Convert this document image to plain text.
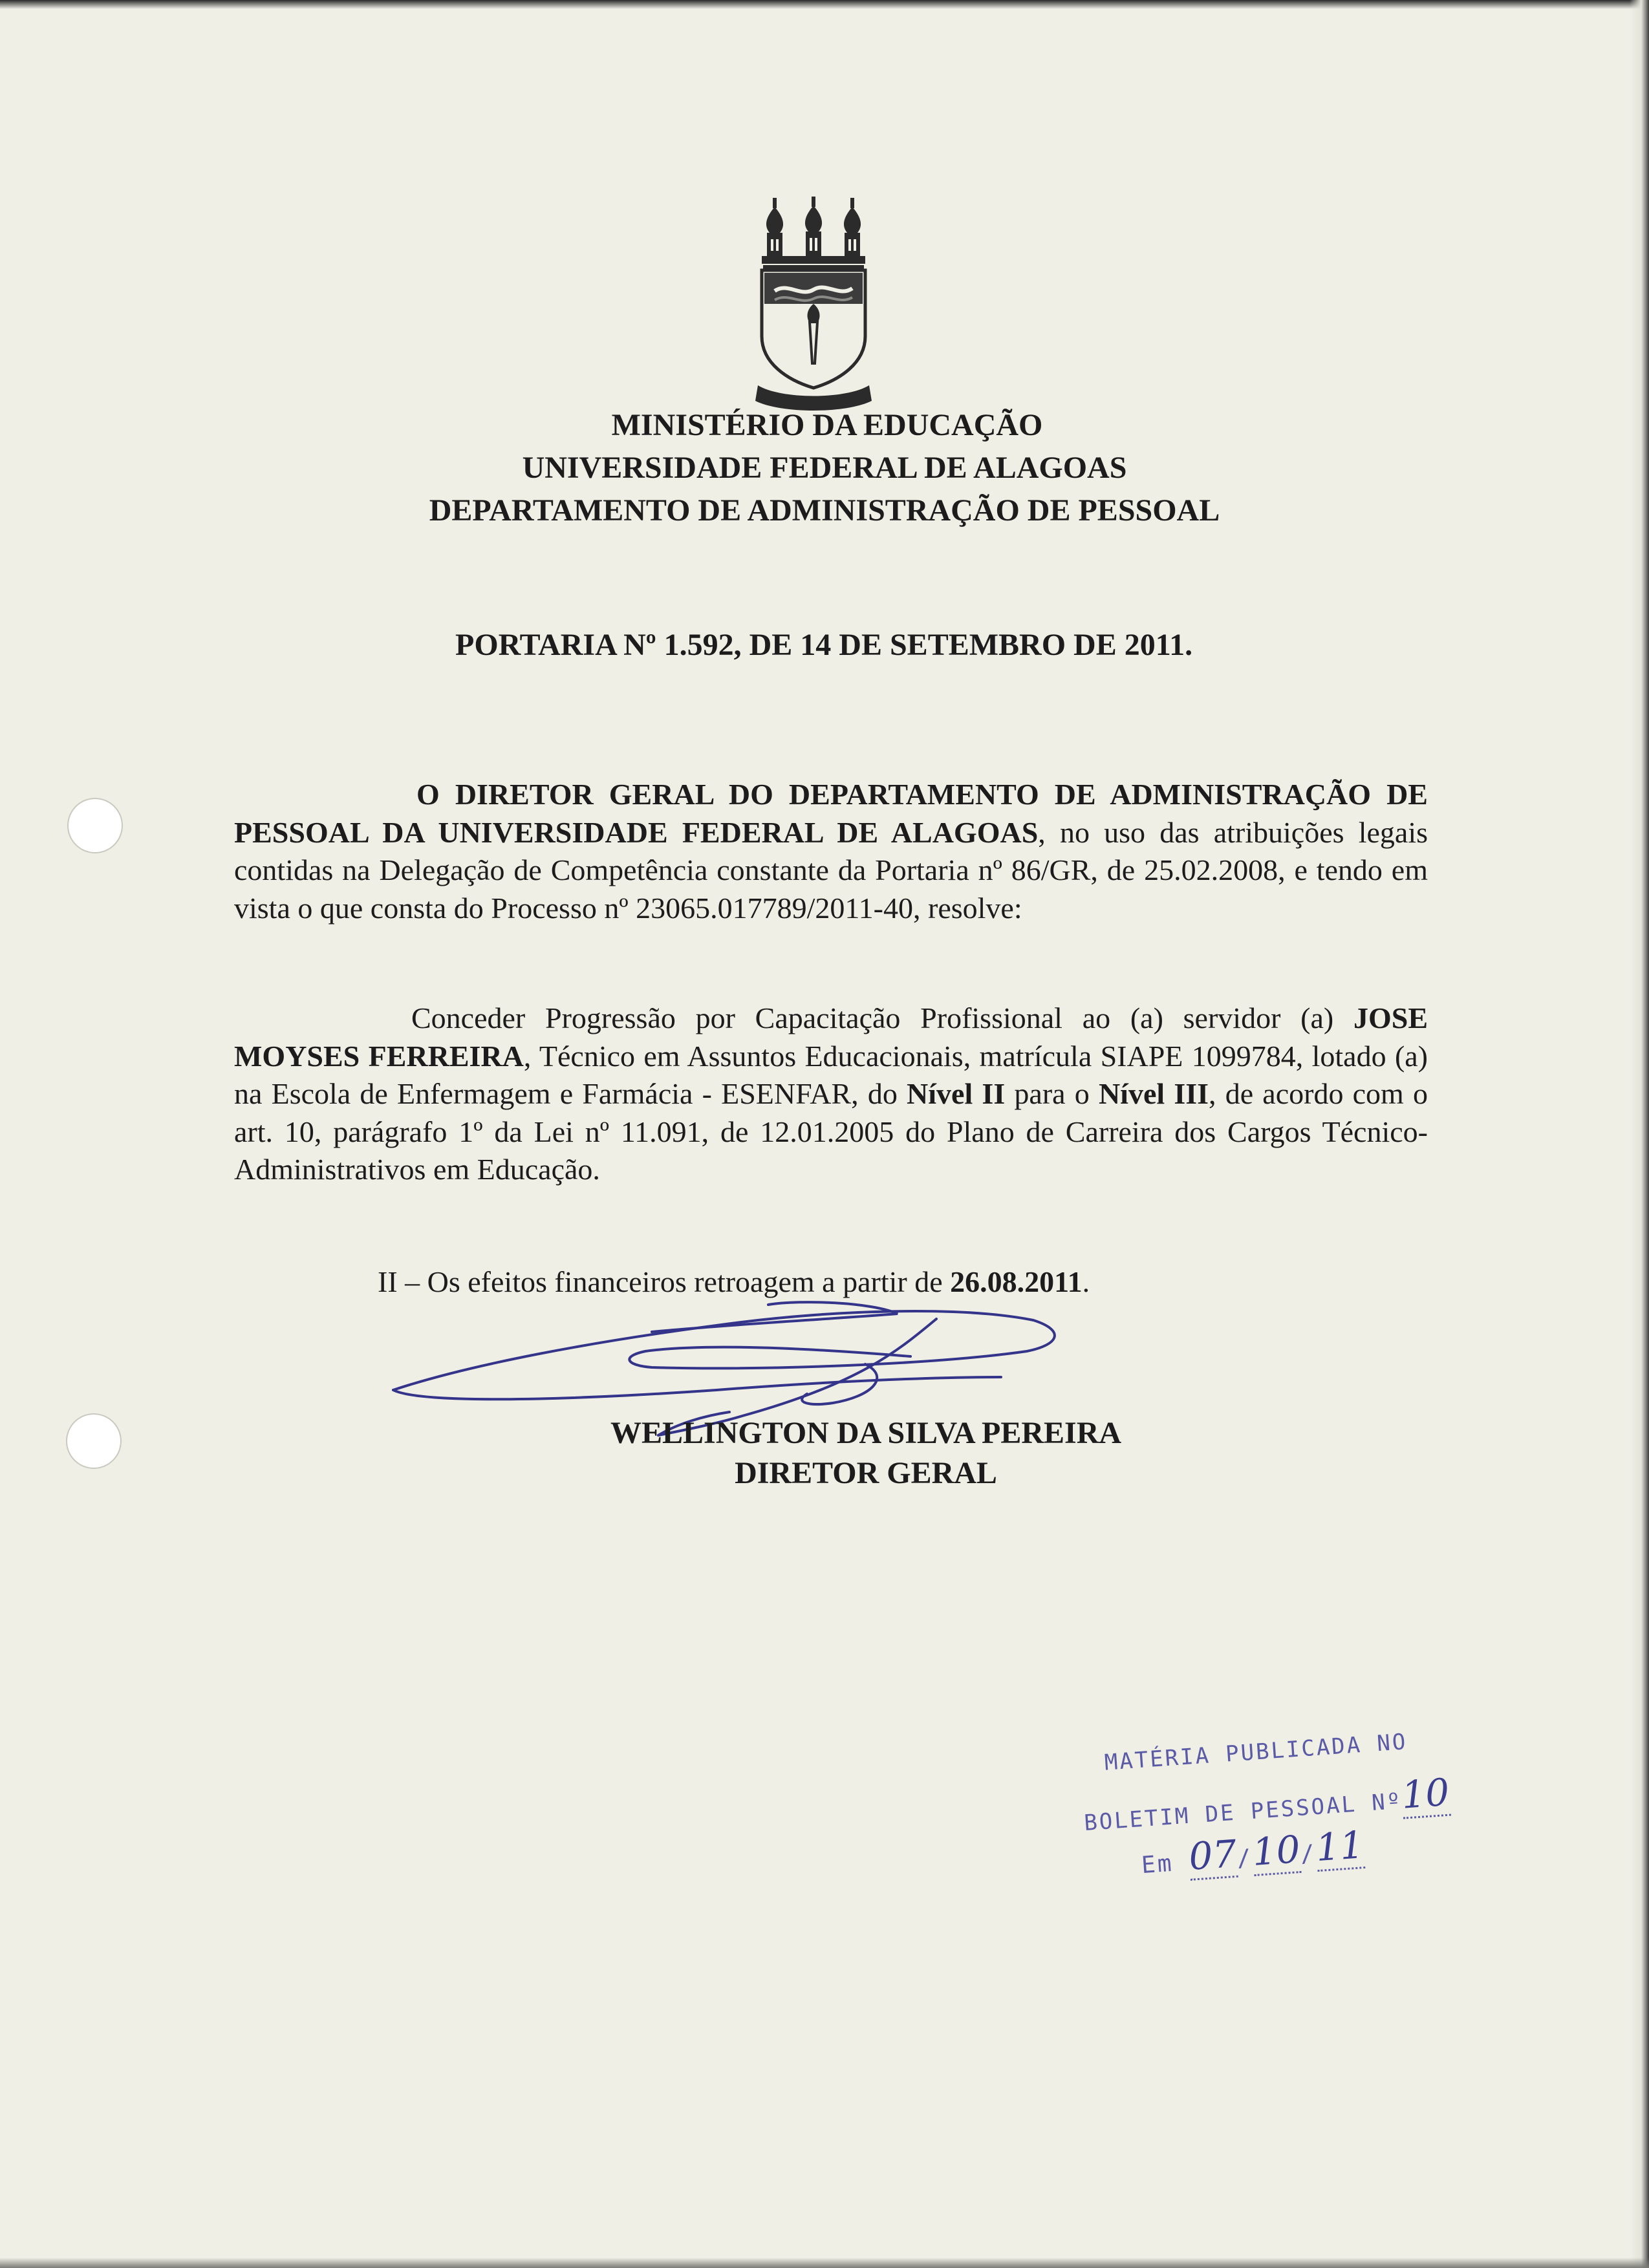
MINISTÉRIO DA EDUCAÇÃO
UNIVERSIDADE FEDERAL DE ALAGOAS
DEPARTAMENTO DE ADMINISTRAÇÃO DE PESSOAL
PORTARIA Nº 1.592, DE 14 DE SETEMBRO DE 2011.
O DIRETOR GERAL DO DEPARTAMENTO DE ADMINISTRAÇÃO DE PESSOAL DA UNIVERSIDADE FEDERAL DE ALAGOAS, no uso das atribuições legais contidas na Delegação de Competência constante da Portaria nº 86/GR, de 25.02.2008, e tendo em vista o que consta do Processo nº 23065.017789/2011-40, resolve:
Conceder Progressão por Capacitação Profissional ao (a) servidor (a) JOSE MOYSES FERREIRA, Técnico em Assuntos Educacionais, matrícula SIAPE 1099784, lotado (a) na Escola de Enfermagem e Farmácia - ESENFAR, do Nível II para o Nível III, de acordo com o art. 10, parágrafo 1º da Lei nº 11.091, de 12.01.2005 do Plano de Carreira dos Cargos Técnico-Administrativos em Educação.
II – Os efeitos financeiros retroagem a partir de 26.08.2011.
WELLINGTON DA SILVA PEREIRA
DIRETOR GERAL
MATÉRIA PUBLICADA NO
BOLETIM DE PESSOAL Nº10
Em 07/10/11
